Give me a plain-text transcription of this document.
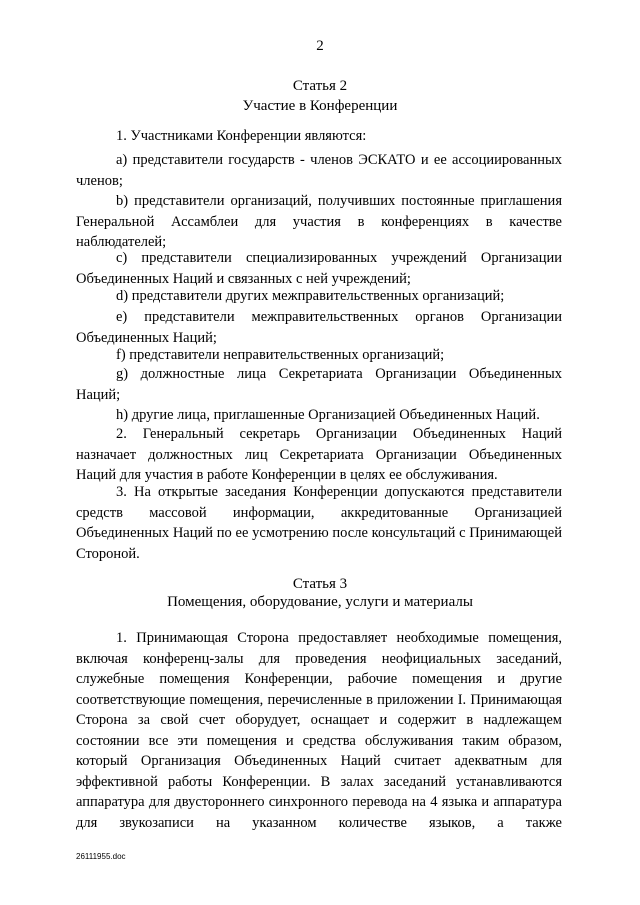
2
Статья 2
Участие в Конференции
1. Участниками Конференции являются:
a) представители государств - членов ЭСКАТО и ее ассоциированных членов;
b) представители организаций, получивших постоянные приглашения Генеральной Ассамблеи для участия в конференциях в качестве наблюдателей;
c) представители специализированных учреждений Организации Объединенных Наций и связанных с ней учреждений;
d) представители других межправительственных организаций;
e) представители межправительственных органов Организации Объединенных Наций;
f) представители неправительственных организаций;
g) должностные лица Секретариата Организации Объединенных Наций;
h) другие лица, приглашенные Организацией Объединенных Наций.
2. Генеральный секретарь Организации Объединенных Наций назначает должностных лиц Секретариата Организации Объединенных Наций для участия в работе Конференции в целях ее обслуживания.
3. На открытые заседания Конференции допускаются представители средств массовой информации, аккредитованные Организацией Объединенных Наций по ее усмотрению после консультаций с Принимающей Стороной.
Статья 3
Помещения, оборудование, услуги и материалы
1. Принимающая Сторона предоставляет необходимые помещения, включая конференц-залы для проведения неофициальных заседаний, служебные помещения Конференции, рабочие помещения и другие соответствующие помещения, перечисленные в приложении I. Принимающая Сторона за свой счет оборудует, оснащает и содержит в надлежащем состоянии все эти помещения и средства обслуживания таким образом, который Организация Объединенных Наций считает адекватным для эффективной работы Конференции. В залах заседаний устанавливаются аппаратура для двустороннего синхронного перевода на 4 языка и аппаратура для звукозаписи на указанном количестве языков, а также
26111955.doc
